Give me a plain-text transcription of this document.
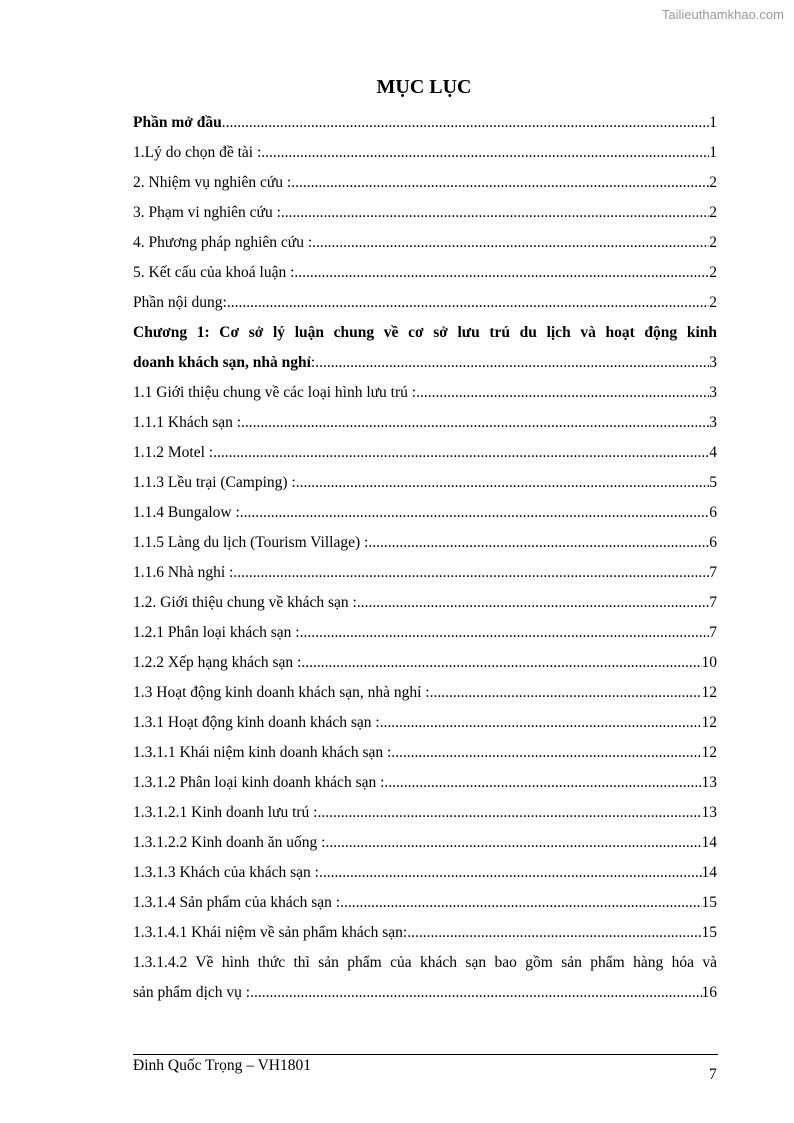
Tailieuthamkhao.com
MỤC LỤC
Phần mở đầu .....	1
1.Lý do chọn đề tài : .....	1
2. Nhiệm vụ nghiên cứu : .....	2
3. Phạm vi nghiên cứu : .....	2
4. Phương pháp nghiên cứu : .....	2
5. Kết cấu của khoá luận : .....	2
Phần nội dung: .....	2
Chương 1: Cơ sở lý luận chung về cơ sở lưu trú du lịch và hoạt động kinh
doanh khách sạn, nhà nghỉ: .....	3
1.1 Giới thiệu chung về các loại hình lưu trú : .....	3
1.1.1 Khách sạn : .....	3
1.1.2 Motel : .....	4
1.1.3 Lều trại (Camping) : .....	5
1.1.4 Bungalow : .....	6
1.1.5 Làng du lịch (Tourism Village) : .....	6
1.1.6 Nhà nghỉ : .....	7
1.2. Giới thiệu chung về khách sạn : .....	7
1.2.1 Phân loại khách sạn : .....	7
1.2.2 Xếp hạng khách sạn : .....	10
1.3 Hoạt động kinh doanh khách sạn, nhà nghỉ : .....	12
1.3.1 Hoạt động kinh doanh khách sạn : .....	12
1.3.1.1 Khái niệm kinh doanh khách sạn : .....	12
1.3.1.2 Phân loại kinh doanh khách sạn : .....	13
1.3.1.2.1 Kinh doanh lưu trú : .....	13
1.3.1.2.2 Kinh doanh ăn uống : .....	14
1.3.1.3 Khách của khách sạn : .....	14
1.3.1.4 Sản phẩm của khách sạn : .....	15
1.3.1.4.1 Khái niệm về sản phẩm khách sạn: .....	15
1.3.1.4.2 Về hình thức thì sản phẩm của khách sạn bao gồm sản phẩm hàng hóa và
sản phẩm dịch vụ : .....	16
Đinh Quốc Trọng – VH1801
7
